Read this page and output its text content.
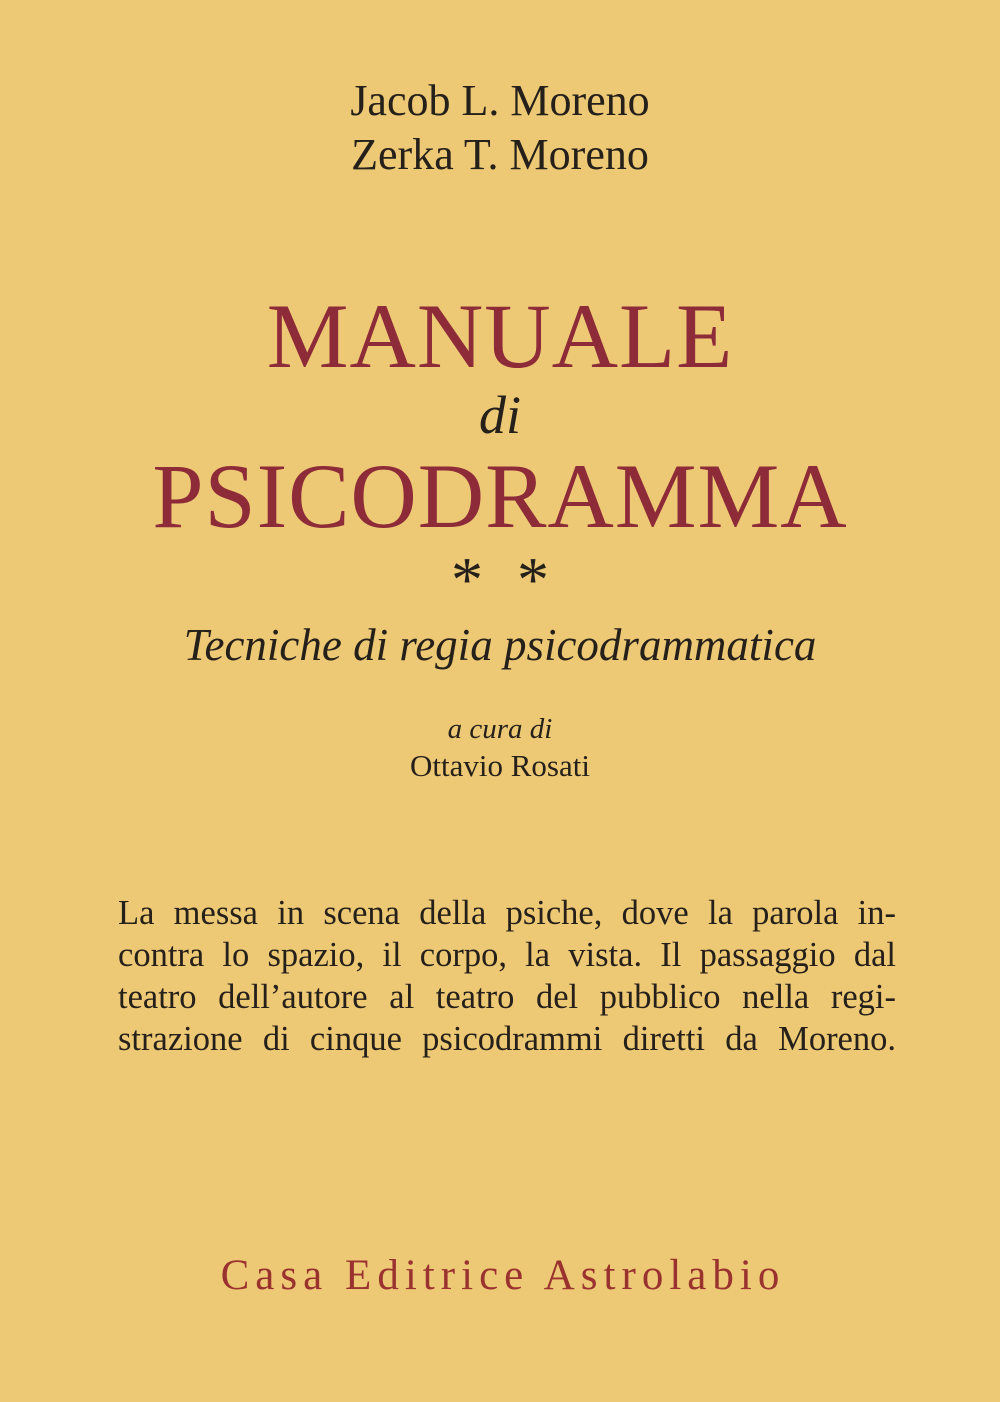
Jacob L. Moreno
Zerka T. Moreno
MANUALE
di
PSICODRAMMA
* *
Tecniche di regia psicodrammatica
a cura di
Ottavio Rosati
La messa in scena della psiche, dove la parola in-
contra lo spazio, il corpo, la vista. Il passaggio dal
teatro dell’autore al teatro del pubblico nella regi-
strazione di cinque psicodrammi diretti da Moreno.
Casa Editrice Astrolabio
